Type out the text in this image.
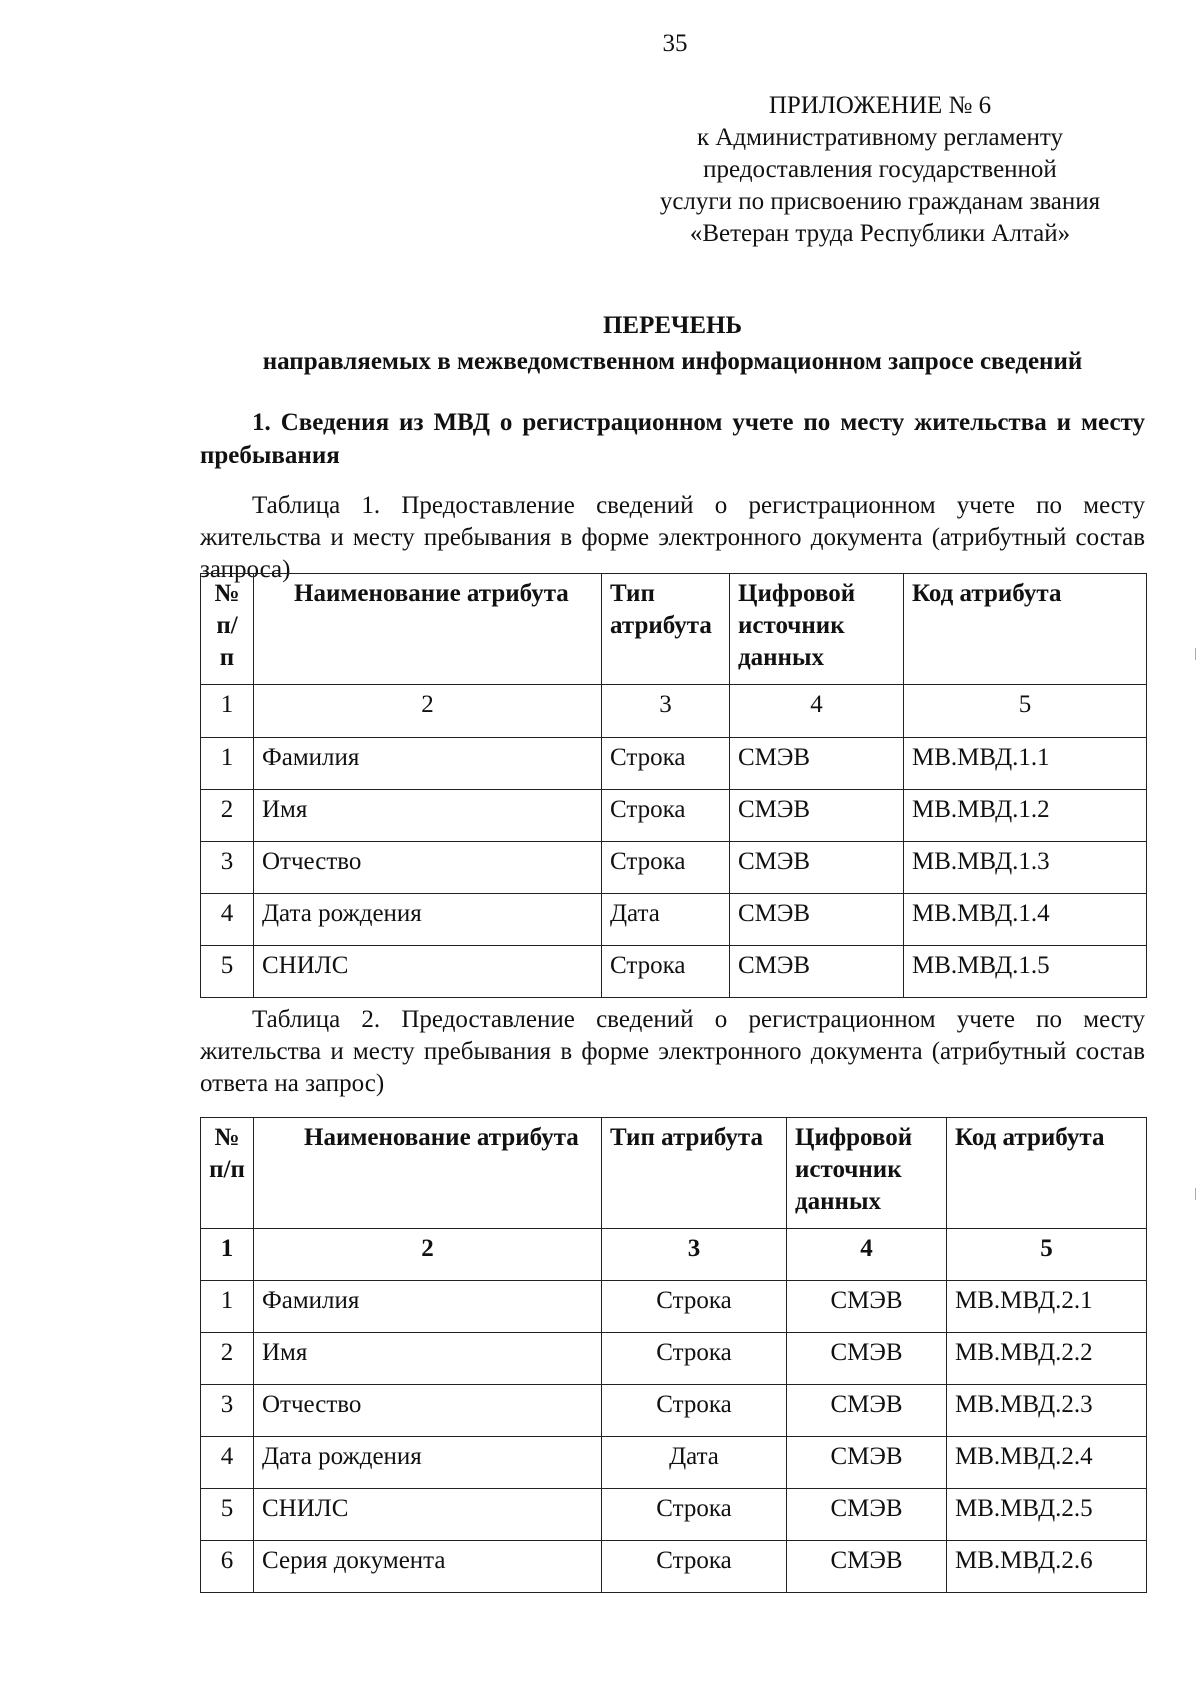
35
ПРИЛОЖЕНИЕ № 6
к Административному регламенту
предоставления государственной
услуги по присвоению гражданам звания
«Ветеран труда Республики Алтай»
ПЕРЕЧЕНЬ
направляемых в межведомственном информационном запросе сведений
1. Сведения из МВД о регистрационном учете по месту жительства и месту пребывания
Таблица 1. Предоставление сведений о регистрационном учете по месту жительства и месту пребывания в форме электронного документа (атрибутный состав запроса)
№ п/ п	Наименование атрибута	Тип атрибута	Цифровой источник данных	Код атрибута
1	2	3	4	5
1	Фамилия	Строка	СМЭВ	МВ.МВД.1.1
2	Имя	Строка	СМЭВ	МВ.МВД.1.2
3	Отчество	Строка	СМЭВ	МВ.МВД.1.3
4	Дата рождения	Дата	СМЭВ	МВ.МВД.1.4
5	СНИЛС	Строка	СМЭВ	МВ.МВД.1.5
Таблица 2. Предоставление сведений о регистрационном учете по месту жительства и месту пребывания в форме электронного документа (атрибутный состав ответа на запрос)
№ п/п	Наименование атрибута	Тип атрибута	Цифровой источник данных	Код атрибута
1	2	3	4	5
1	Фамилия	Строка	СМЭВ	МВ.МВД.2.1
2	Имя	Строка	СМЭВ	МВ.МВД.2.2
3	Отчество	Строка	СМЭВ	МВ.МВД.2.3
4	Дата рождения	Дата	СМЭВ	МВ.МВД.2.4
5	СНИЛС	Строка	СМЭВ	МВ.МВД.2.5
6	Серия документа	Строка	СМЭВ	МВ.МВД.2.6
